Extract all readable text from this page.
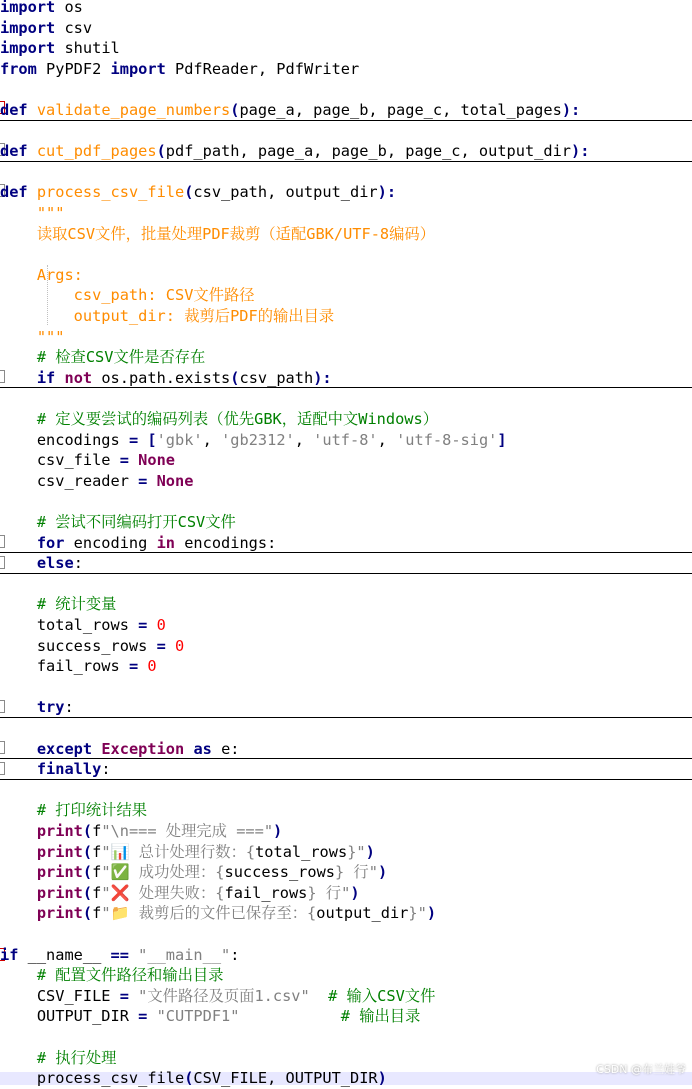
import os
import csv
import shutil
from PyPDF2 import PdfReader, PdfWriter
def validate_page_numbers(page_a, page_b, page_c, total_pages):
def cut_pdf_pages(pdf_path, page_a, page_b, page_c, output_dir):
def process_csv_file(csv_path, output_dir):
"""
读取CSV文件，批量处理PDF裁剪（适配GBK/UTF-8编码）
Args:
csv_path: CSV文件路径
output_dir: 裁剪后PDF的输出目录
"""
# 检查CSV文件是否存在
if not os.path.exists(csv_path):
# 定义要尝试的编码列表（优先GBK，适配中文Windows）
encodings = ['gbk', 'gb2312', 'utf-8', 'utf-8-sig']
csv_file = None
csv_reader = None
# 尝试不同编码打开CSV文件
for encoding in encodings:
else:
# 统计变量
total_rows = 0
success_rows = 0
fail_rows = 0
try:
except Exception as e:
finally:
# 打印统计结果
print(f"\n=== 处理完成 ===")
print(f"📊 总计处理行数：{total_rows}")
print(f"✅ 成功处理：{success_rows} 行")
print(f"❌ 处理失败：{fail_rows} 行")
print(f"📁 裁剪后的文件已保存至：{output_dir}")
if __name__ == "__main__":
# 配置文件路径和输出目录
CSV_FILE = "文件路径及页面1.csv"  # 输入CSV文件
OUTPUT_DIR = "CUTPDF1"           # 输出目录
# 执行处理
process_csv_file(CSV_FILE, OUTPUT_DIR)	CSDN @布兰娃爷
